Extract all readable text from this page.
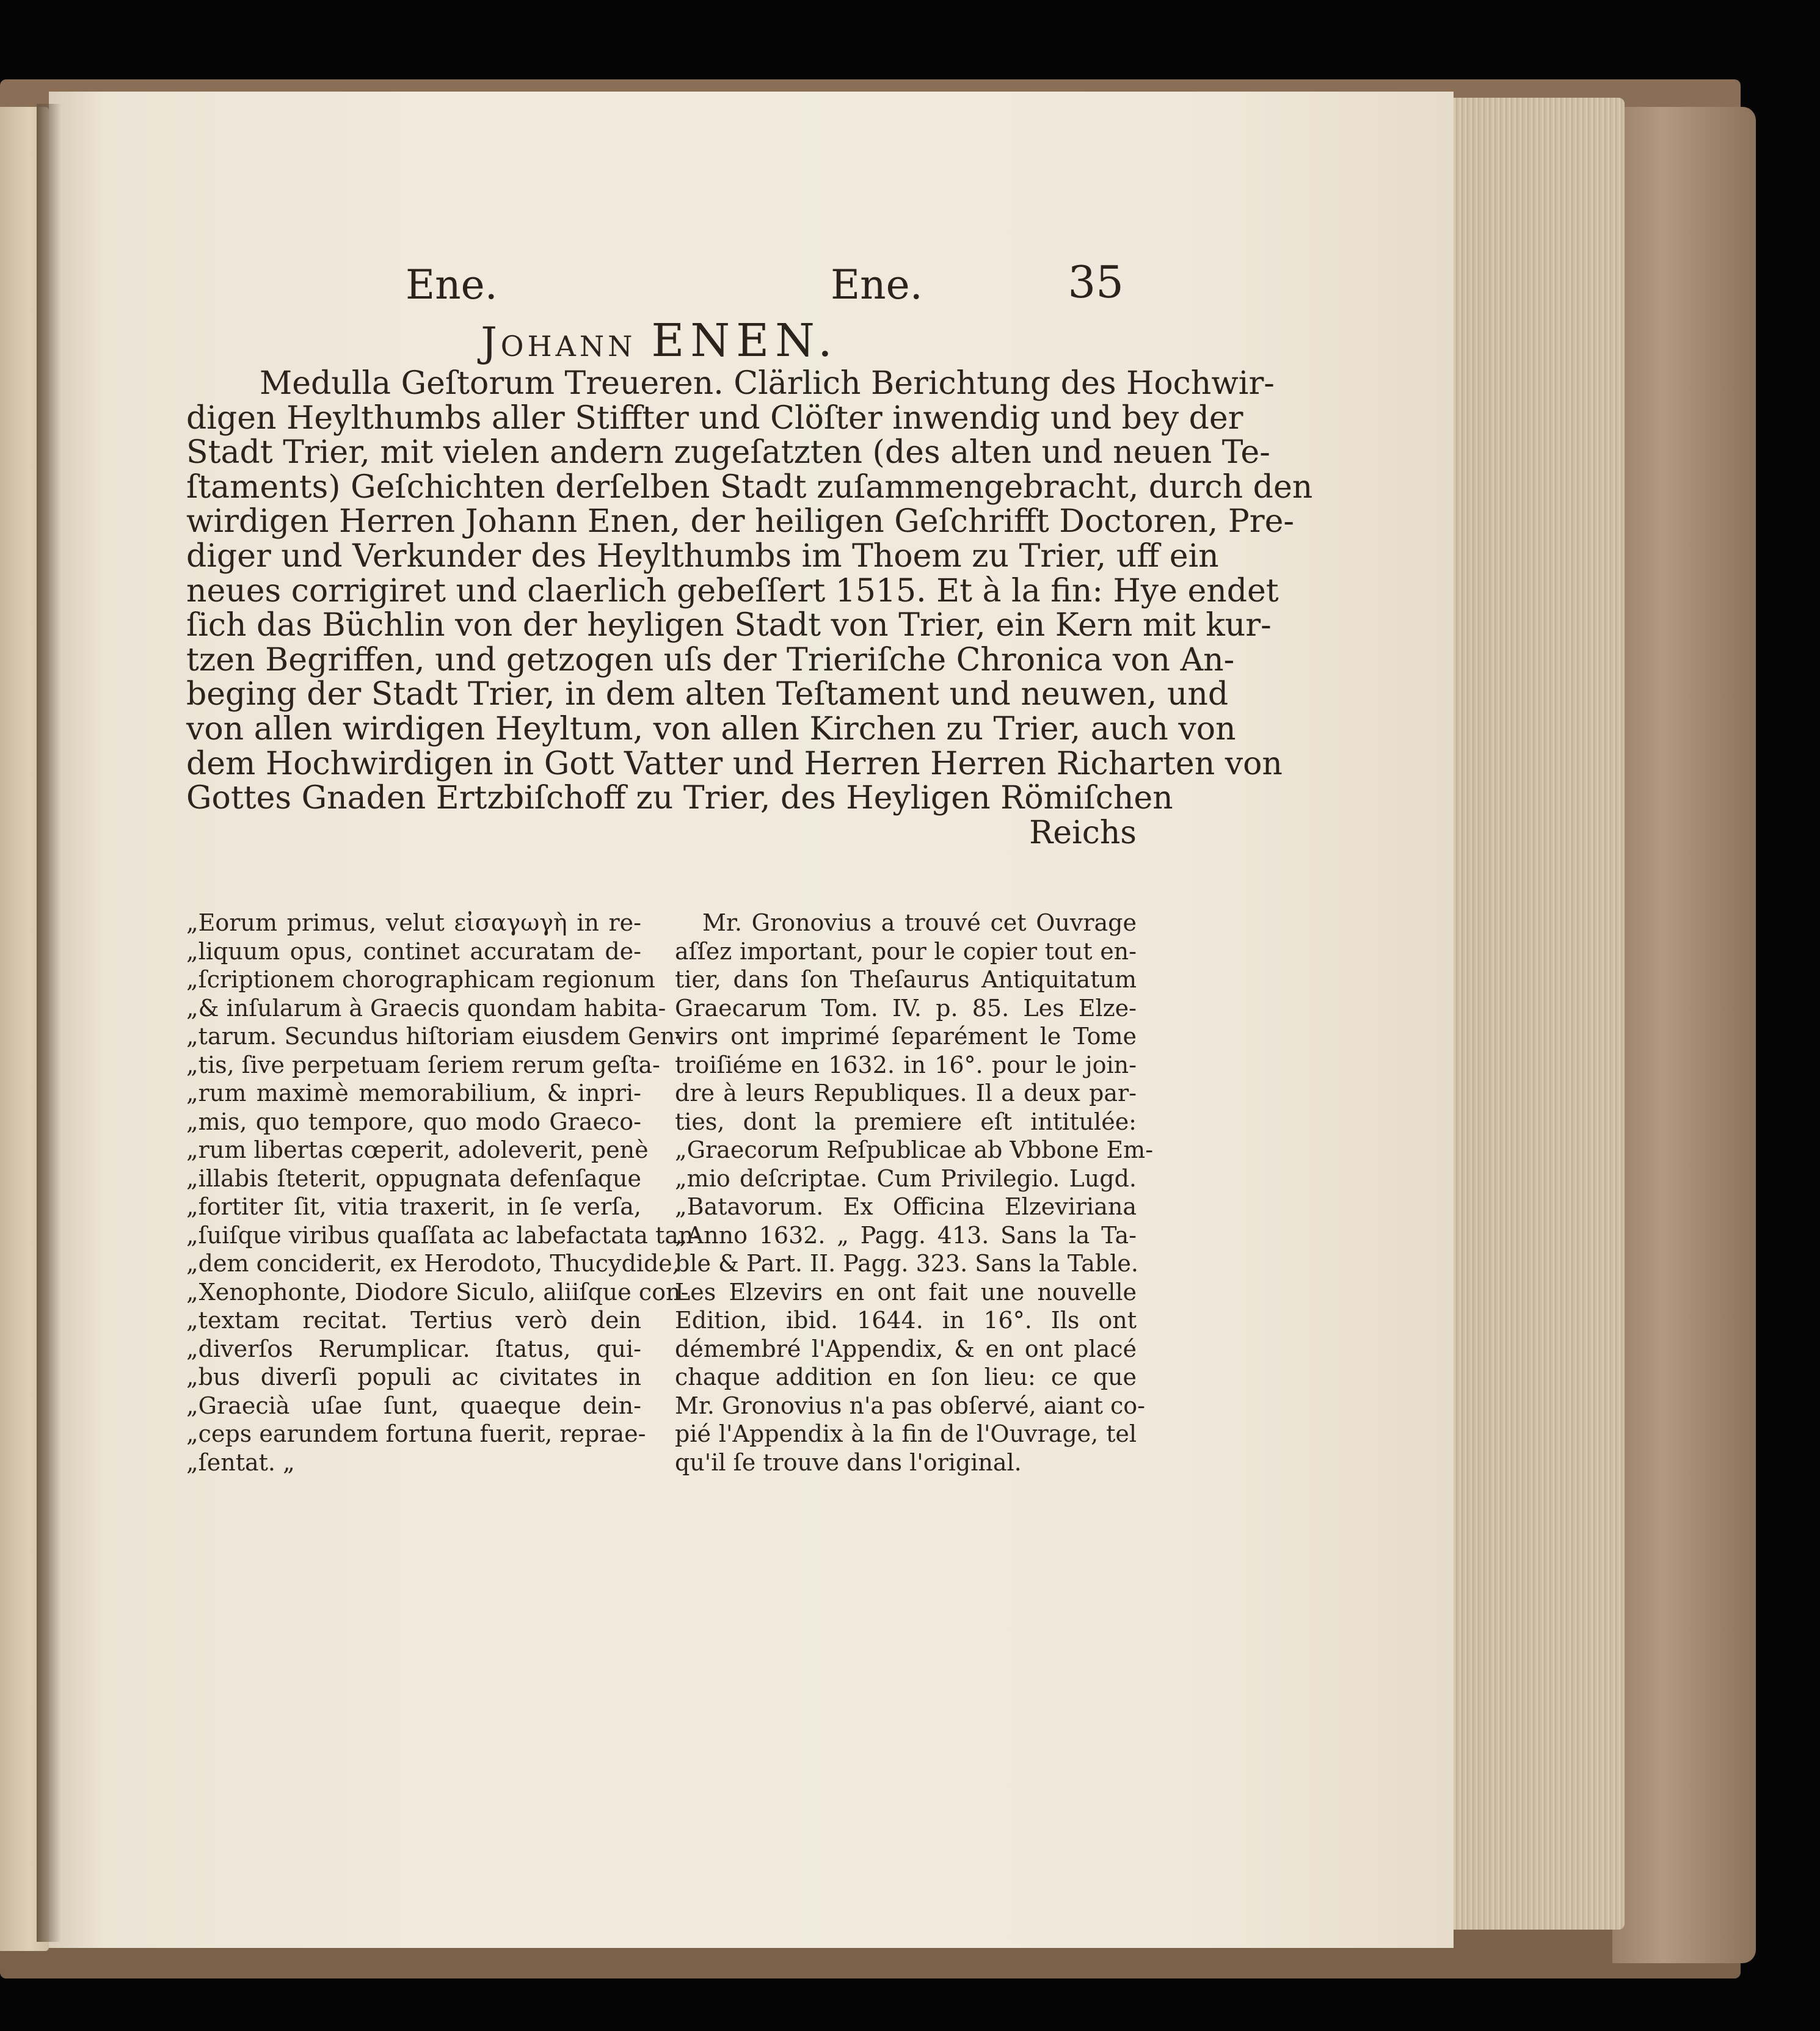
Ene.	Ene.	35
Johann ENEN.
Medulla Geſtorum Treueren. Clärlich Berichtung des Hochwir-
digen Heylthumbs aller Stiffter und Clöſter inwendig und bey der
Stadt Trier, mit vielen andern zugeſatzten (des alten und neuen Te-
ſtaments) Geſchichten derſelben Stadt zuſammengebracht, durch den
wirdigen Herren Johann Enen, der heiligen Geſchrifft Doctoren, Pre-
diger und Verkunder des Heylthumbs im Thoem zu Trier, uff ein
neues corrigiret und claerlich gebeſſert 1515. Et à la fin: Hye endet
ſich das Büchlin von der heyligen Stadt von Trier, ein Kern mit kur-
tzen Begriffen, und getzogen uſs der Trieriſche Chronica von An-
beging der Stadt Trier, in dem alten Teſtament und neuwen, und
von allen wirdigen Heyltum, von allen Kirchen zu Trier, auch von
dem Hochwirdigen in Gott Vatter und Herren Herren Richarten von
Gottes Gnaden Ertzbiſchoff zu Trier, des Heyligen Römiſchen
Reichs
„Eorum primus, velut εἰσαγωγὴ in re-
„liquum opus, continet accuratam de-
„ſcriptionem chorographicam regionum
„& inſularum à Graecis quondam habita-
„tarum. Secundus hiſtoriam eiusdem Gen-
„tis, ſive perpetuam ſeriem rerum geſta-
„rum maximè memorabilium, & inpri-
„mis, quo tempore, quo modo Graeco-
„rum libertas cœperit, adoleverit, penè
„illabis ſteterit, oppugnata defenſaque
„fortiter ſit, vitia traxerit, in ſe verſa,
„ſuiſque viribus quaſſata ac labefactata tan-
„dem conciderit, ex Herodoto, Thucydide,
„Xenophonte, Diodore Siculo, aliiſque con-
„textam recitat. Tertius verò dein
„diverſos Rerumplicar. ſtatus, qui-
„bus diverſi populi ac civitates in
„Graecià uſae ſunt, quaeque dein-
„ceps earundem fortuna fuerit, reprae-
„ſentat. „
Mr. Gronovius a trouvé cet Ouvrage
aſſez important, pour le copier tout en-
tier, dans ſon Theſaurus Antiquitatum
Graecarum Tom. IV. p. 85. Les Elze-
virs ont imprimé ſeparément le Tome
troiſiéme en 1632. in 16°. pour le join-
dre à leurs Republiques. Il a deux par-
ties, dont la premiere eſt intitulée:
„Graecorum Reſpublicae ab Vbbone Em-
„mio deſcriptae. Cum Privilegio. Lugd.
„Batavorum. Ex Officina Elzeviriana
„Anno 1632. „ Pagg. 413. Sans la Ta-
ble & Part. II. Pagg. 323. Sans la Table.
Les Elzevirs en ont fait une nouvelle
Edition, ibid. 1644. in 16°. Ils ont
démembré l'Appendix, & en ont placé
chaque addition en ſon lieu: ce que
Mr. Gronovius n'a pas obſervé, aiant co-
pié l'Appendix à la fin de l'Ouvrage, tel
qu'il ſe trouve dans l'original.
